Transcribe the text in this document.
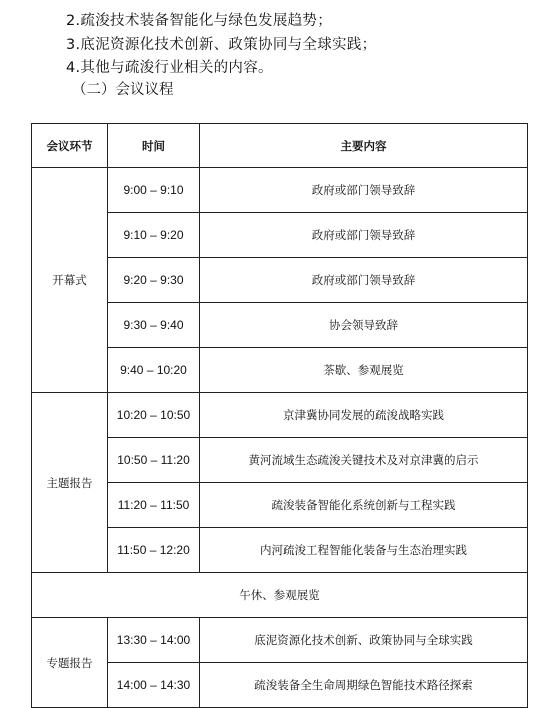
2.疏浚技术装备智能化与绿色发展趋势；
3.底泥资源化技术创新、政策协同与全球实践；
4.其他与疏浚行业相关的内容。
（二）会议议程
会议环节	时间	主要内容
开幕式	9:00 – 9:10	政府或部门领导致辞
	9:10 – 9:20	政府或部门领导致辞
	9:20 – 9:30	政府或部门领导致辞
	9:30 – 9:40	协会领导致辞
	9:40 – 10:20	茶歇、参观展览
主题报告	10:20 – 10:50	京津冀协同发展的疏浚战略实践
	10:50 – 11:20	黄河流域生态疏浚关键技术及对京津冀的启示
	11:20 – 11:50	疏浚装备智能化系统创新与工程实践
	11:50 – 12:20	内河疏浚工程智能化装备与生态治理实践
午休、参观展览		
专题报告	13:30 – 14:00	底泥资源化技术创新、政策协同与全球实践
	14:00 – 14:30	疏浚装备全生命周期绿色智能技术路径探索
